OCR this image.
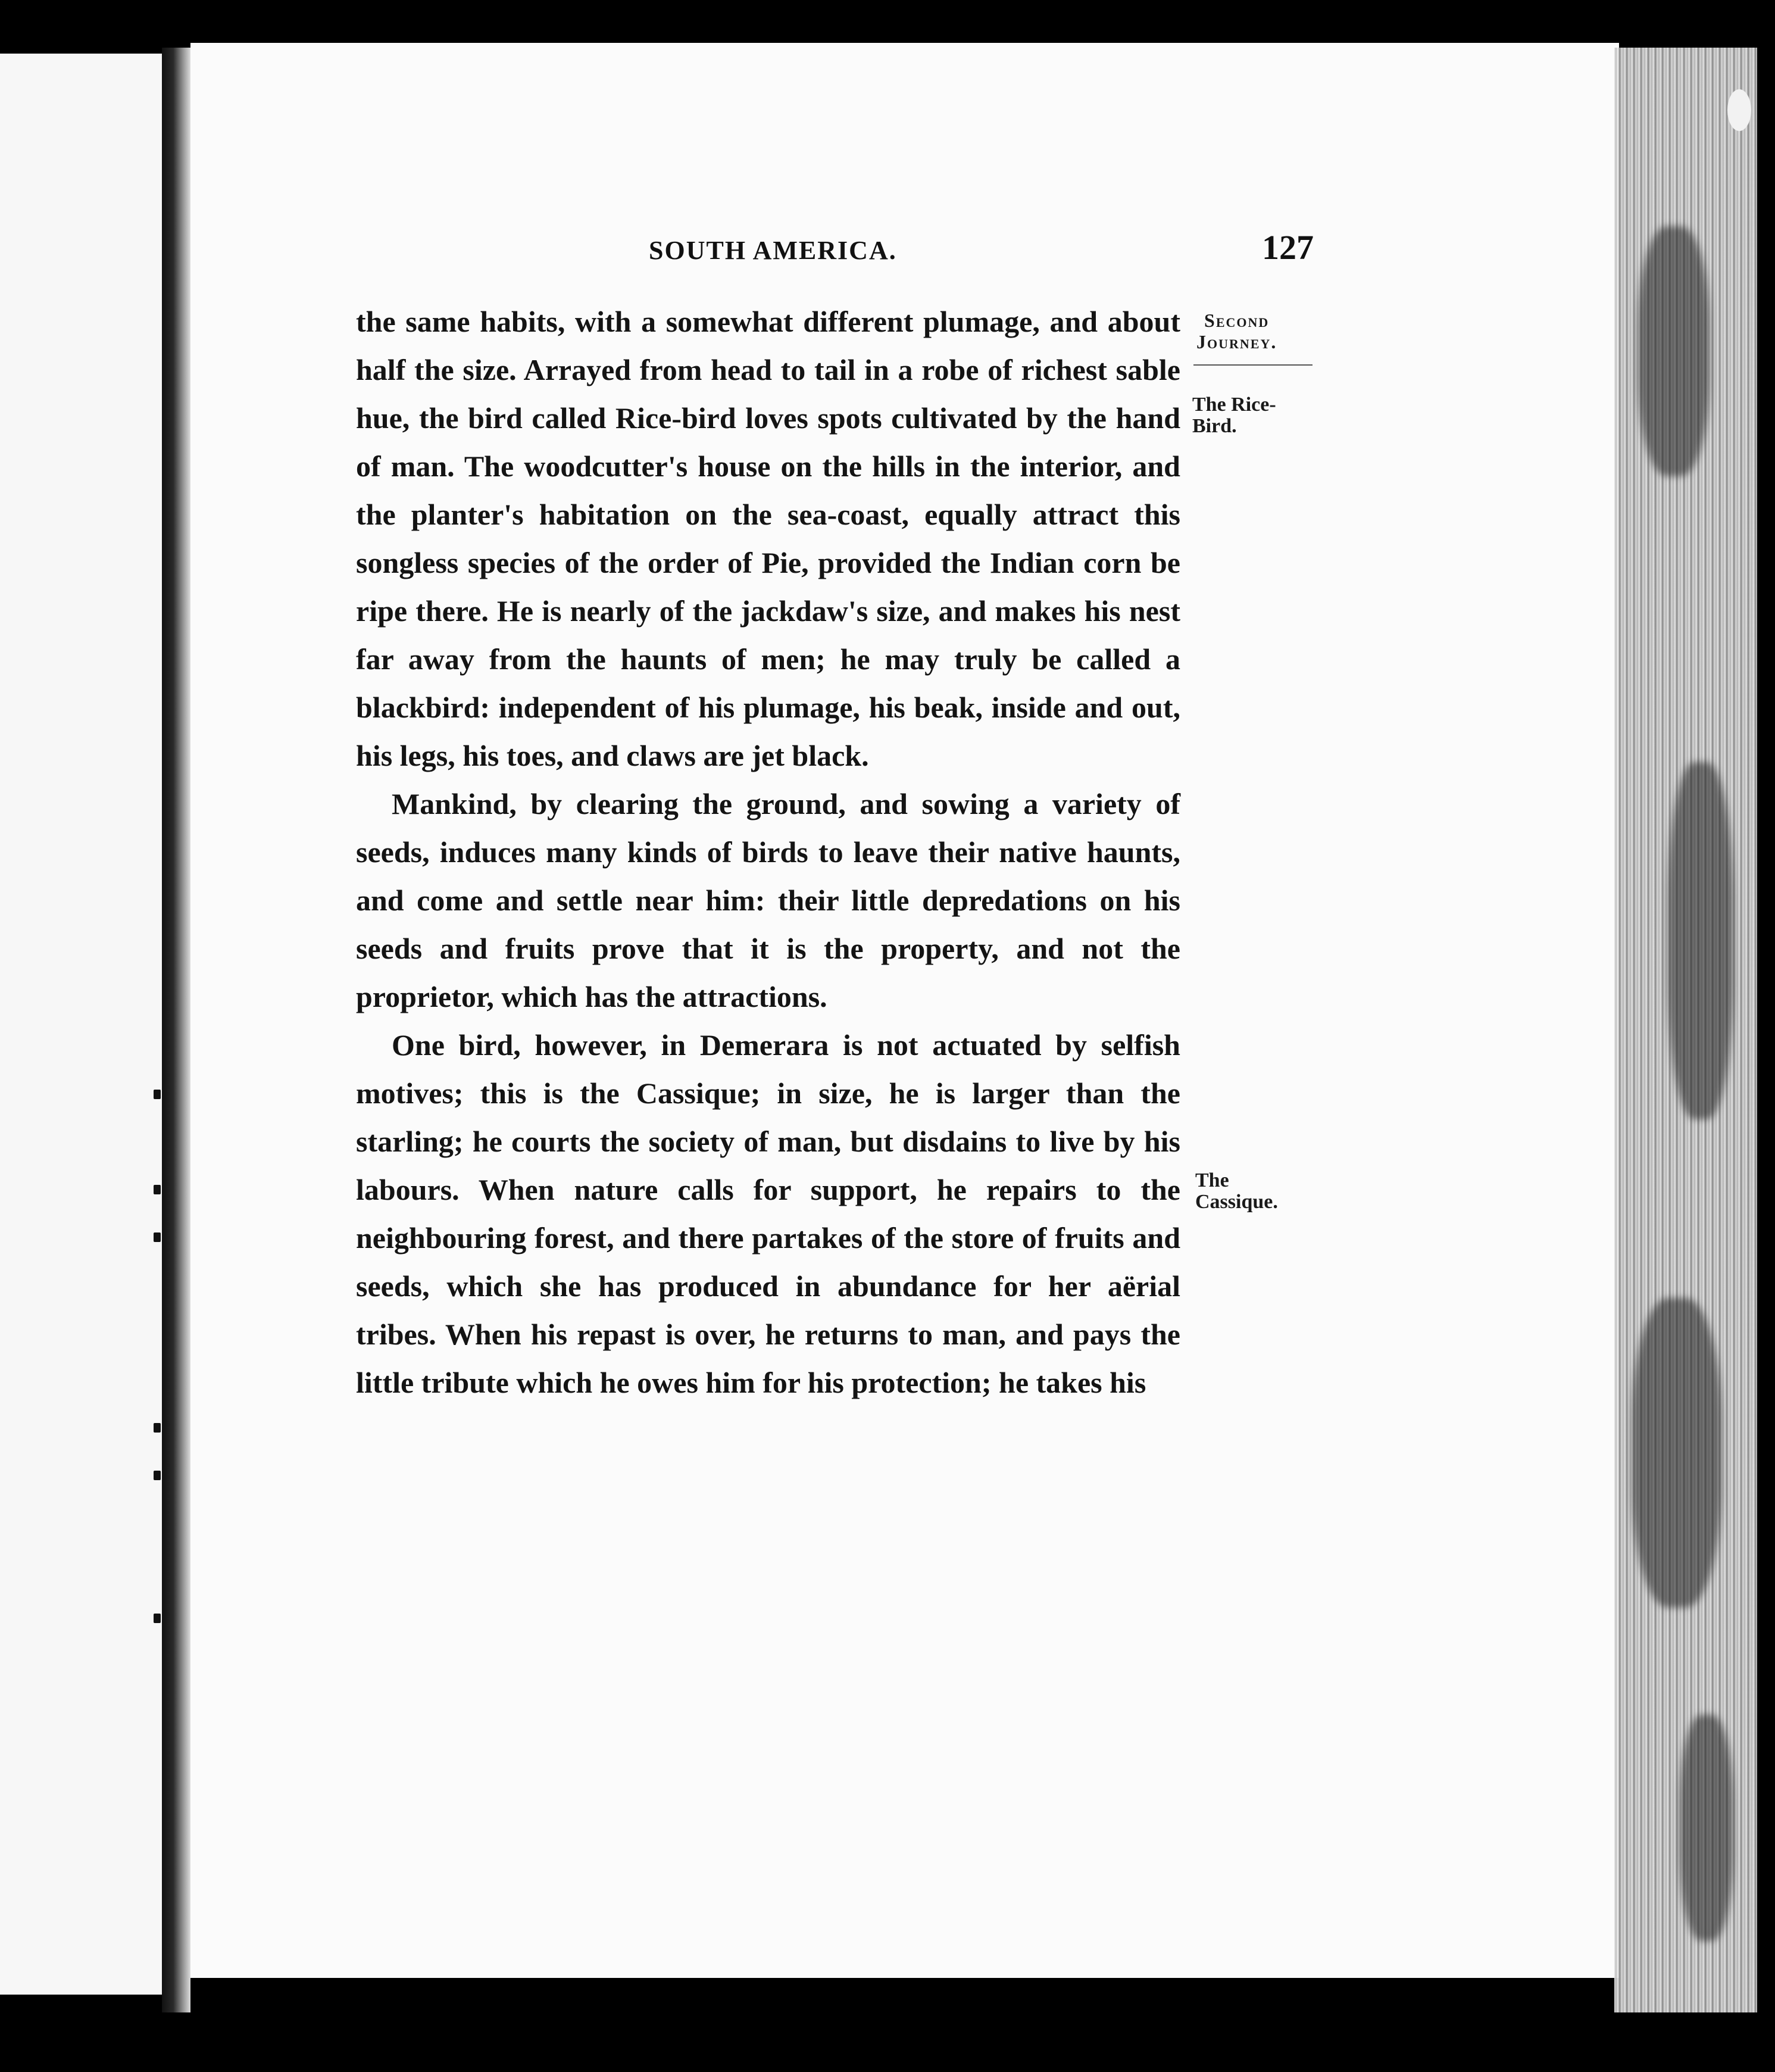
SOUTH AMERICA.	127
Second
Journey.
The Rice-Bird.
The Cassique.

the same habits, with a somewhat different plumage, and about half the size. Arrayed from head to tail in a robe of richest sable hue, the bird called Rice-bird loves spots cultivated by the hand of man. The woodcutter's house on the hills in the interior, and the planter's habitation on the sea-coast, equally attract this songless species of the order of Pie, provided the Indian corn be ripe there. He is nearly of the jackdaw's size, and makes his nest far away from the haunts of men; he may truly be called a blackbird: independent of his plumage, his beak, inside and out, his legs, his toes, and claws are jet black.

Mankind, by clearing the ground, and sowing a variety of seeds, induces many kinds of birds to leave their native haunts, and come and settle near him: their little depredations on his seeds and fruits prove that it is the property, and not the proprietor, which has the attractions.

One bird, however, in Demerara is not actuated by selfish motives; this is the Cassique; in size, he is larger than the starling; he courts the society of man, but disdains to live by his labours. When nature calls for support, he repairs to the neighbouring forest, and there partakes of the store of fruits and seeds, which she has produced in abundance for her aërial tribes. When his repast is over, he returns to man, and pays the little tribute which he owes him for his protection; he takes his
